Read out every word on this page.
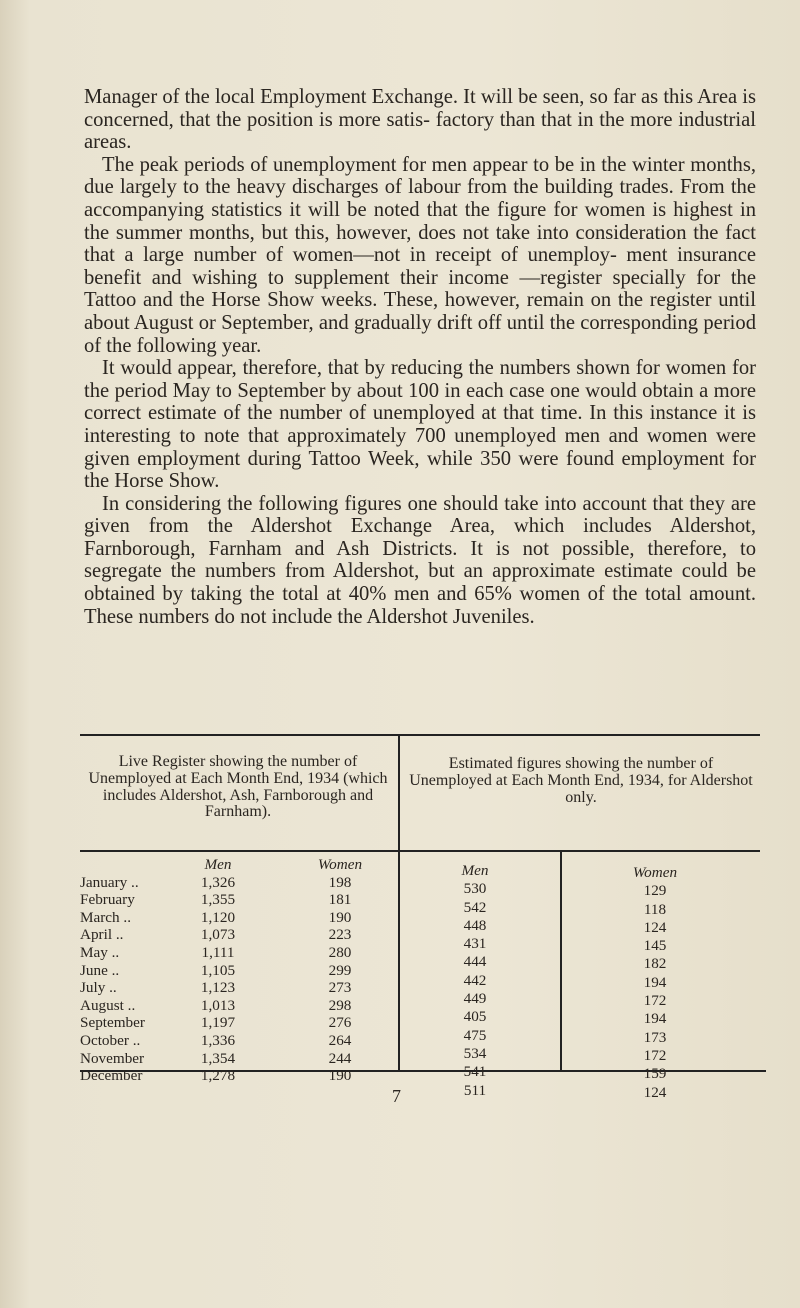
Manager of the local Employment Exchange. It will be seen, so far as this Area is concerned, that the position is more satis- factory than that in the more industrial areas.

The peak periods of unemployment for men appear to be in the winter months, due largely to the heavy discharges of labour from the building trades. From the accompanying statistics it will be noted that the figure for women is highest in the summer months, but this, however, does not take into consideration the fact that a large number of women—not in receipt of unemploy- ment insurance benefit and wishing to supplement their income —register specially for the Tattoo and the Horse Show weeks. These, however, remain on the register until about August or September, and gradually drift off until the corresponding period of the following year.

It would appear, therefore, that by reducing the numbers shown for women for the period May to September by about 100 in each case one would obtain a more correct estimate of the number of unemployed at that time. In this instance it is interesting to note that approximately 700 unemployed men and women were given employment during Tattoo Week, while 350 were found employment for the Horse Show.

In considering the following figures one should take into account that they are given from the Aldershot Exchange Area, which includes Aldershot, Farnborough, Farnham and Ash Districts. It is not possible, therefore, to segregate the numbers from Aldershot, but an approximate estimate could be obtained by taking the total at 40% men and 65% women of the total amount. These numbers do not include the Aldershot Juveniles.

Live Register showing the number of Unemployed at Each Month End, 1934 (which includes Aldershot, Ash, Farnborough and Farnham).
Estimated figures showing the number of Unemployed at Each Month End, 1934, for Aldershot only.

January ..
February
March ..
April ..
May ..
June ..
July ..
August ..
September
October ..
November
December
Men
1,326
1,355
1,120
1,073
1,111
1,105
1,123
1,013
1,197
1,336
1,354
1,278
Women
198
181
190
223
280
299
273
298
276
264
244
190
Men
530
542
448
431
444
442
449
405
475
534
541
511
Women
129
118
124
145
182
194
172
194
173
172
159
124
7
